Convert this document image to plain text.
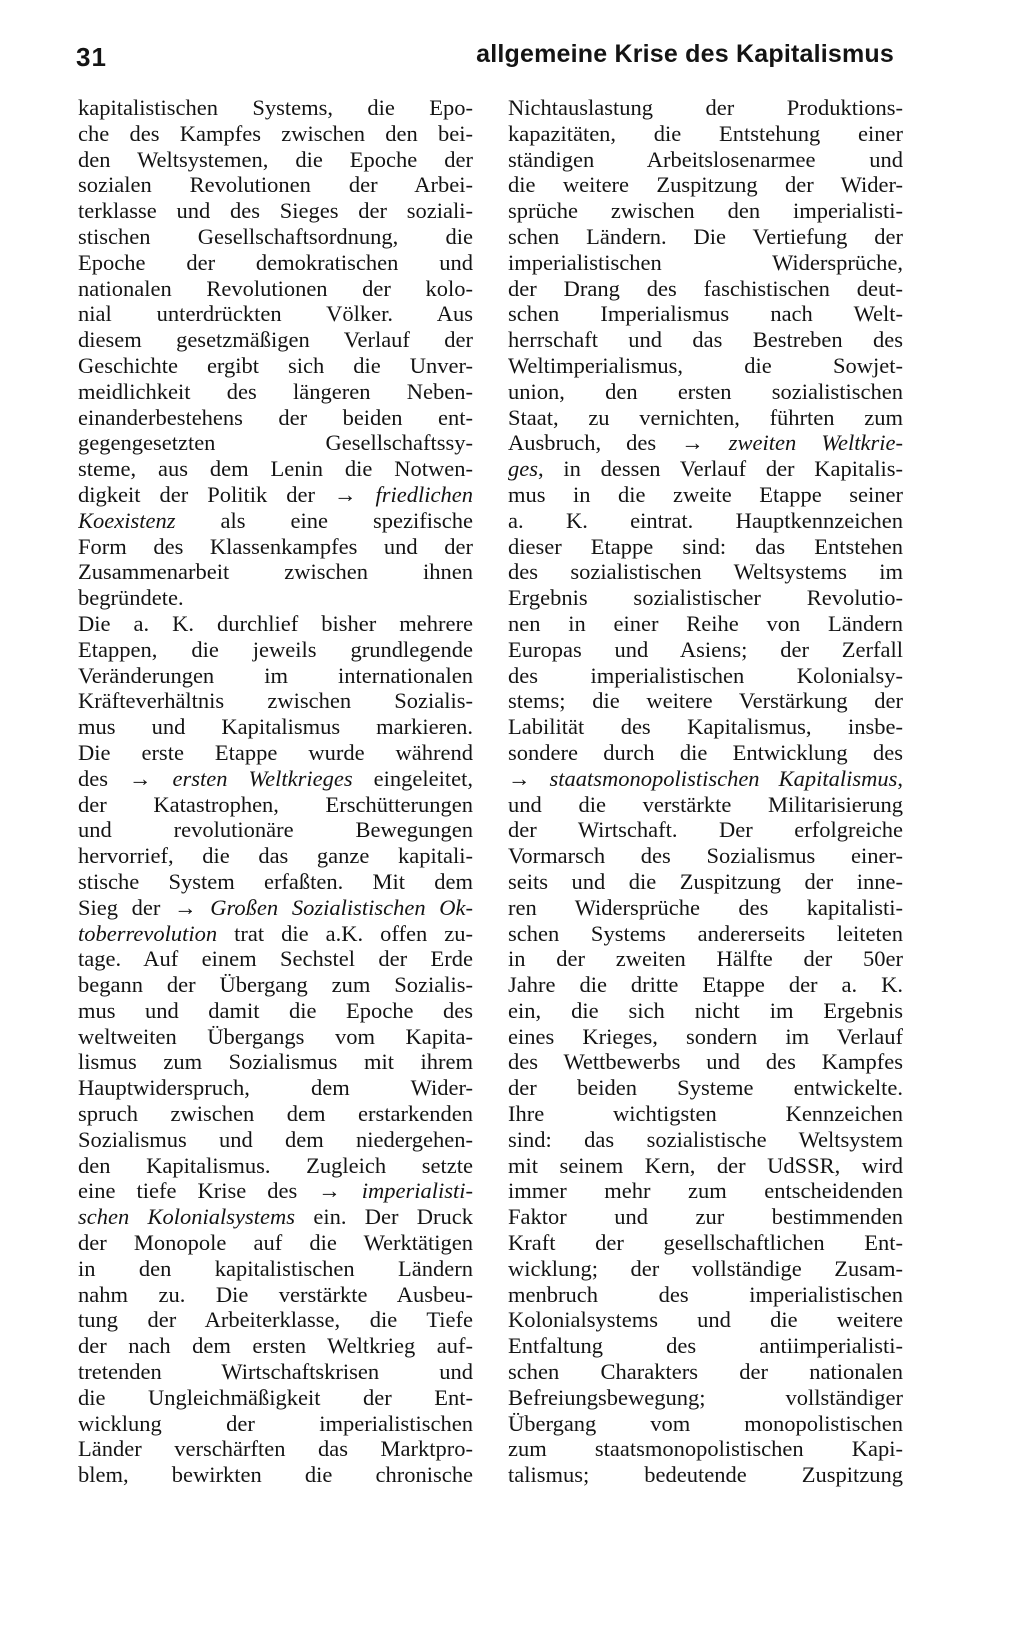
31	allgemeine Krise des Kapitalismus
kapitalistischen Systems, die Epo-
che des Kampfes zwischen den bei-
den Weltsystemen, die Epoche der
sozialen Revolutionen der Arbei-
terklasse und des Sieges der soziali-
stischen Gesellschaftsordnung, die
Epoche der demokratischen und
nationalen Revolutionen der kolo-
nial unterdrückten Völker. Aus
diesem gesetzmäßigen Verlauf der
Geschichte ergibt sich die Unver-
meidlichkeit des längeren Neben-
einanderbestehens der beiden ent-
gegengesetzten Gesellschaftssy-
steme, aus dem Lenin die Notwen-
digkeit der Politik der → friedlichen
Koexistenz als eine spezifische
Form des Klassenkampfes und der
Zusammenarbeit zwischen ihnen
begründete.
Die a. K. durchlief bisher mehrere
Etappen, die jeweils grundlegende
Veränderungen im internationalen
Kräfteverhältnis zwischen Sozialis-
mus und Kapitalismus markieren.
Die erste Etappe wurde während
des → ersten Weltkrieges eingeleitet,
der Katastrophen, Erschütterungen
und revolutionäre Bewegungen
hervorrief, die das ganze kapitali-
stische System erfaßten. Mit dem
Sieg der → Großen Sozialistischen Ok-
toberrevolution trat die a.K. offen zu-
tage. Auf einem Sechstel der Erde
begann der Übergang zum Sozialis-
mus und damit die Epoche des
weltweiten Übergangs vom Kapita-
lismus zum Sozialismus mit ihrem
Hauptwiderspruch, dem Wider-
spruch zwischen dem erstarkenden
Sozialismus und dem niedergehen-
den Kapitalismus. Zugleich setzte
eine tiefe Krise des → imperialisti-
schen Kolonialsystems ein. Der Druck
der Monopole auf die Werktätigen
in den kapitalistischen Ländern
nahm zu. Die verstärkte Ausbeu-
tung der Arbeiterklasse, die Tiefe
der nach dem ersten Weltkrieg auf-
tretenden Wirtschaftskrisen und
die Ungleichmäßigkeit der Ent-
wicklung der imperialistischen
Länder verschärften das Marktpro-
blem, bewirkten die chronische
Nichtauslastung der Produktions-
kapazitäten, die Entstehung einer
ständigen Arbeitslosenarmee und
die weitere Zuspitzung der Wider-
sprüche zwischen den imperialisti-
schen Ländern. Die Vertiefung der
imperialistischen Widersprüche,
der Drang des faschistischen deut-
schen Imperialismus nach Welt-
herrschaft und das Bestreben des
Weltimperialismus, die Sowjet-
union, den ersten sozialistischen
Staat, zu vernichten, führten zum
Ausbruch, des → zweiten Weltkrie-
ges, in dessen Verlauf der Kapitalis-
mus in die zweite Etappe seiner
a. K. eintrat. Hauptkennzeichen
dieser Etappe sind: das Entstehen
des sozialistischen Weltsystems im
Ergebnis sozialistischer Revolutio-
nen in einer Reihe von Ländern
Europas und Asiens; der Zerfall
des imperialistischen Kolonialsy-
stems; die weitere Verstärkung der
Labilität des Kapitalismus, insbe-
sondere durch die Entwicklung des
→ staatsmonopolistischen Kapitalismus,
und die verstärkte Militarisierung
der Wirtschaft. Der erfolgreiche
Vormarsch des Sozialismus einer-
seits und die Zuspitzung der inne-
ren Widersprüche des kapitalisti-
schen Systems andererseits leiteten
in der zweiten Hälfte der 50er
Jahre die dritte Etappe der a. K.
ein, die sich nicht im Ergebnis
eines Krieges, sondern im Verlauf
des Wettbewerbs und des Kampfes
der beiden Systeme entwickelte.
Ihre wichtigsten Kennzeichen
sind: das sozialistische Weltsystem
mit seinem Kern, der UdSSR, wird
immer mehr zum entscheidenden
Faktor und zur bestimmenden
Kraft der gesellschaftlichen Ent-
wicklung; der vollständige Zusam-
menbruch des imperialistischen
Kolonialsystems und die weitere
Entfaltung des antiimperialisti-
schen Charakters der nationalen
Befreiungsbewegung; vollständiger
Übergang vom monopolistischen
zum staatsmonopolistischen Kapi-
talismus; bedeutende Zuspitzung
